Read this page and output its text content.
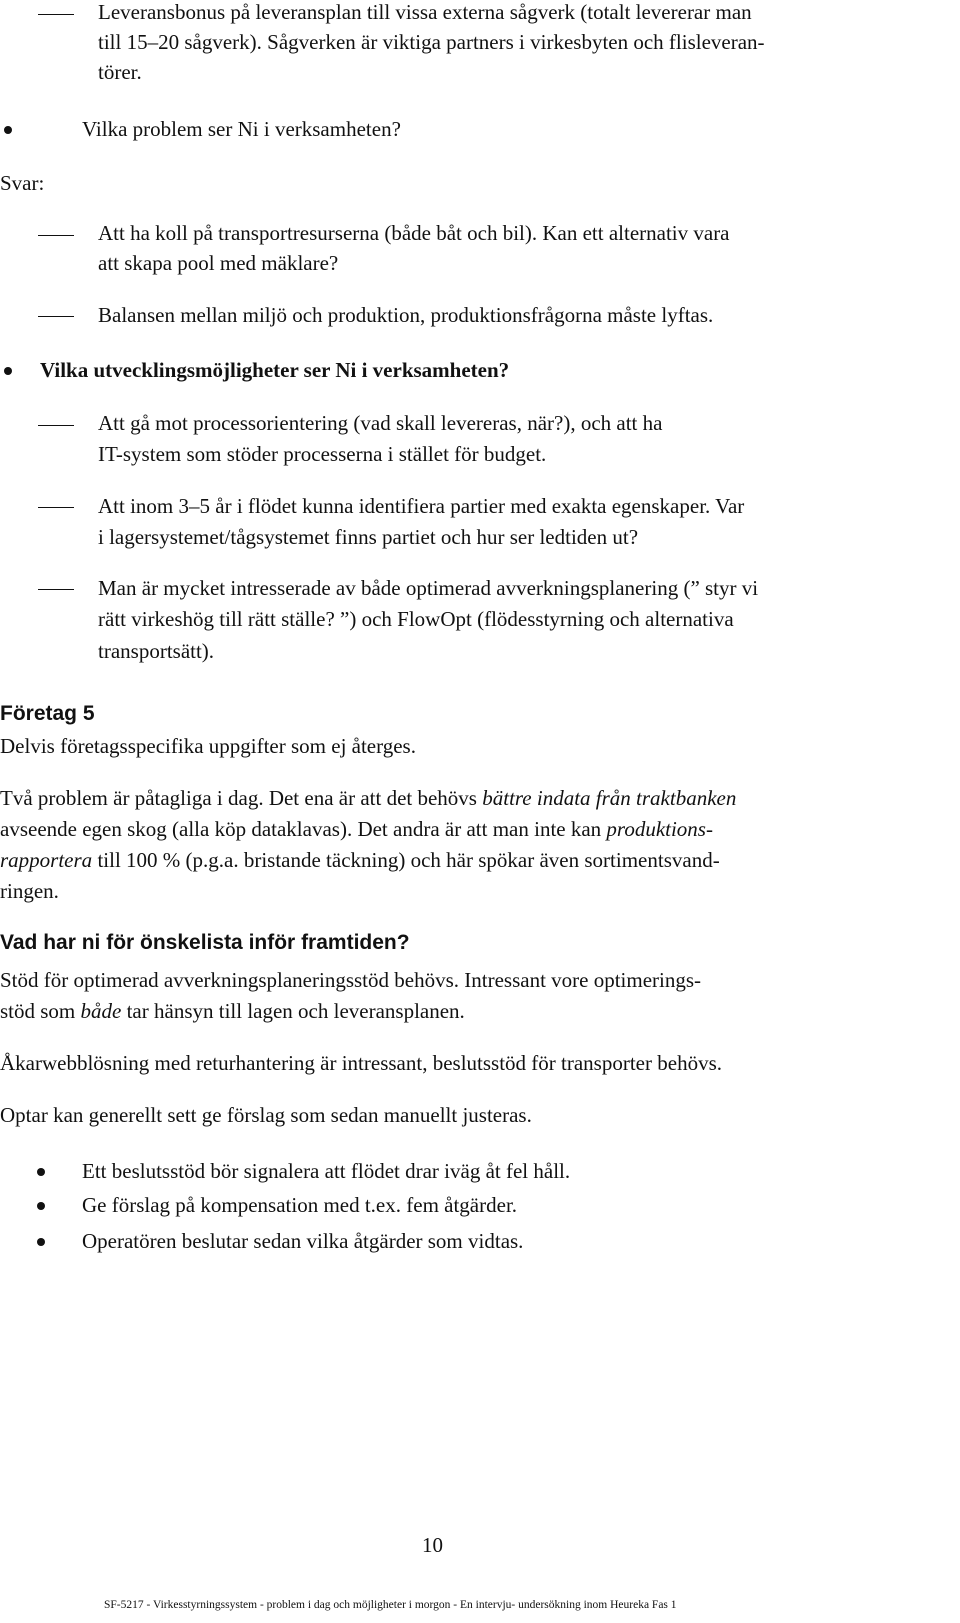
Leveransbonus på leveransplan till vissa externa sågverk (totalt levererar man
till 15–20 sågverk). Sågverken är viktiga partners i virkesbyten och flisleveran-
törer.
Vilka problem ser Ni i verksamheten?
Svar:
Att ha koll på transportresurserna (både båt och bil). Kan ett alternativ vara
att skapa pool med mäklare?
Balansen mellan miljö och produktion, produktionsfrågorna måste lyftas.
Vilka utvecklingsmöjligheter ser Ni i verksamheten?
Att gå mot processorientering (vad skall levereras, när?), och att ha
IT-system som stöder processerna i stället för budget.
Att inom 3–5 år i flödet kunna identifiera partier med exakta egenskaper. Var
i lagersystemet/tågsystemet finns partiet och hur ser ledtiden ut?
Man är mycket intresserade av både optimerad avverkningsplanering (” styr vi
rätt virkeshög till rätt ställe? ”) och FlowOpt (flödesstyrning och alternativa
transportsätt).
Företag 5
Delvis företagsspecifika uppgifter som ej återges.
Två problem är påtagliga i dag. Det ena är att det behövs bättre indata från traktbanken
avseende egen skog (alla köp dataklavas). Det andra är att man inte kan produktions-
rapportera till 100 % (p.g.a. bristande täckning) och här spökar även sortimentsvand-
ringen.
Vad har ni för önskelista inför framtiden?
Stöd för optimerad avverkningsplaneringsstöd behövs. Intressant vore optimerings-
stöd som både tar hänsyn till lagen och leveransplanen.
Åkarwebblösning med returhantering är intressant, beslutsstöd för transporter behövs.
Optar kan generellt sett ge förslag som sedan manuellt justeras.
Ett beslutsstöd bör signalera att flödet drar iväg åt fel håll.
Ge förslag på kompensation med t.ex. fem åtgärder.
Operatören beslutar sedan vilka åtgärder som vidtas.
10
SF-5217 - Virkesstyrningssystem - problem i dag och möjligheter i morgon - En intervju- undersökning inom Heureka Fas 1
